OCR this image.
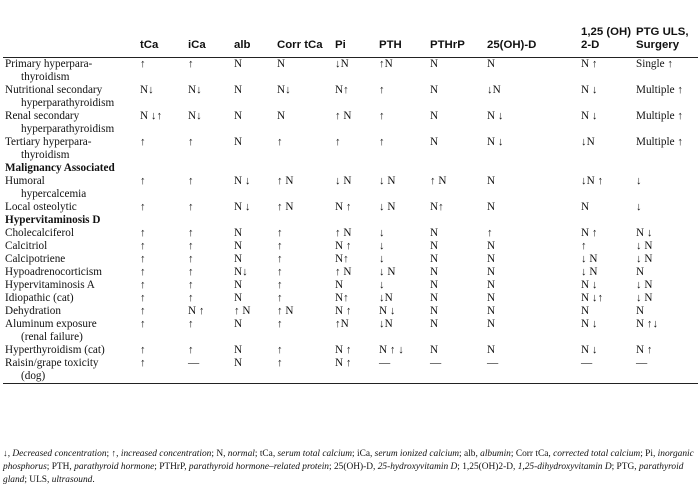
	tCa	iCa	alb	Corr tCa	Pi	PTH	PTHrP	25(OH)-D	1,25 (OH) 2-D	PTG ULS, Surgery
Primary hyperpara-
thyroidism	↑	↑	N	N	↓N	↑N	N	N	N ↑	Single ↑
Nutritional secondary
hyperparathyroidism	N↓	N↓	N	N↓	N↑	↑	N	↓N	N ↓	Multiple ↑
Renal secondary
hyperparathyroidism	N ↓↑	N↓	N	N	↑ N	↑	N	N ↓	N ↓	Multiple ↑
Tertiary hyperpara-
thyroidism	↑	↑	N	↑	↑	↑	N	N ↓	↓N	Multiple ↑
Malignancy Associated										
Humoral
hypercalcemia	↑	↑	N ↓	↑ N	↓ N	↓ N	↑ N	N	↓N ↑	↓
Local osteolytic	↑	↑	N ↓	↑ N	N ↑	↓ N	N↑	N	N	↓
Hypervitaminosis D										
Cholecalciferol	↑	↑	N	↑	↑ N	↓	N	↑	N ↑	N ↓
Calcitriol	↑	↑	N	↑	N ↑	↓	N	N	↑	↓ N
Calcipotriene	↑	↑	N	↑	N↑	↓	N	N	↓ N	↓ N
Hypoadrenocorticism	↑	↑	N↓	↑	↑ N	↓ N	N	N	↓ N	N
Hypervitaminosis A	↑	↑	N	↑	N	↓	N	N	N ↓	↓ N
Idiopathic (cat)	↑	↑	N	↑	N↑	↓N	N	N	N ↓↑	↓ N
Dehydration	↑	N ↑	↑ N	↑ N	N ↑	N ↓	N	N	N	N
Aluminum exposure
(renal failure)	↑	↑	N	↑	↑N	↓N	N	N	N ↓	N ↑↓
Hyperthyroidism (cat)	↑	↑	N	↑	N ↑	N ↑ ↓	N	N	N ↓	N ↑
Raisin/grape toxicity
(dog)	↑	—	N	↑	N ↑	—	—	—	—	—
↓, Decreased concentration; ↑, increased concentration; N, normal; tCa, serum total calcium; iCa, serum ionized calcium; alb, albumin; Corr tCa, corrected total calcium; Pi, inorganic phosphorus; PTH, parathyroid hormone; PTHrP, parathyroid hormone–related protein; 25(OH)-D, 25-hydroxyvitamin D; 1,25(OH)2-D, 1,25-dihydroxyvitamin D; PTG, parathyroid gland; ULS, ultrasound.
